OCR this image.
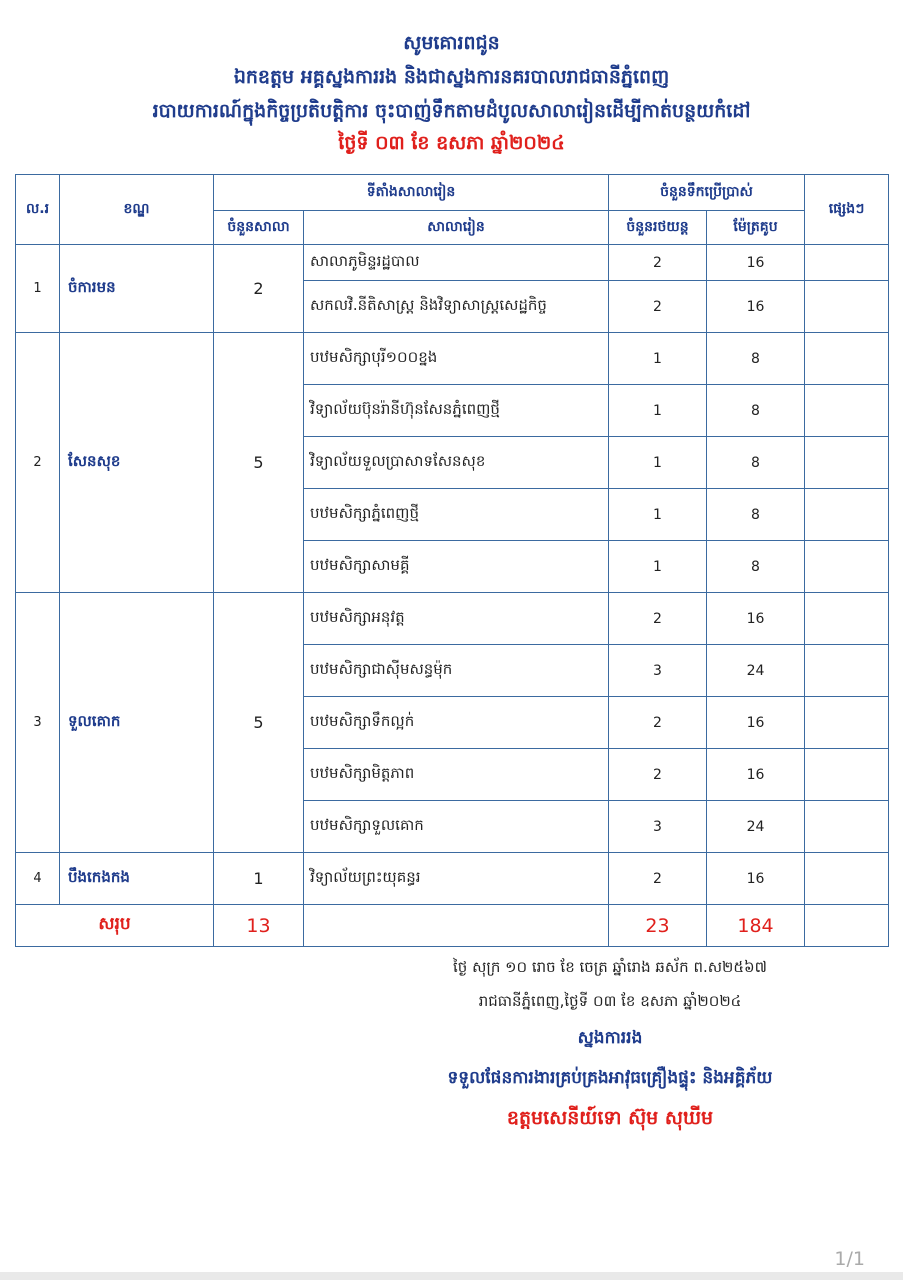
សូមគោរពជូន
ឯកឧត្តម អគ្គស្នងការរង និងជាស្នងការនគរបាលរាជធានីភ្នំពេញ
របាយការណ៍ក្នុងកិច្ចប្រតិបត្តិការ ចុះបាញ់ទឹកតាមដំបូលសាលារៀនដើម្បីកាត់បន្ថយកំដៅ
ថ្ងៃទី ០៣ ខែ ឧសភា ឆ្នាំ២០២៤
ល.រ	ខណ្ឌ	ទីតាំងសាលារៀន		ចំនួនទឹកប្រើប្រាស់		ផ្សេងៗ
		ចំនួនសាលា	សាលារៀន	ចំនួនរថយន្ត	ម៉ែត្រគូប	
1	ចំការមន	2	សាលាភូមិន្ទរដ្ឋបាល	2	16	
			សកលវិ.នីតិសាស្ត្រ និងវិទ្យាសាស្ត្រសេដ្ឋកិច្ច	2	16	
2	សែនសុខ	5	បឋមសិក្សាបុរី១០០ខ្នង	1	8	
			វិទ្យាល័យប៊ុនរ៉ានីហ៊ុនសែនភ្នំពេញថ្មី	1	8	
			វិទ្យាល័យទួលប្រាសាទសែនសុខ	1	8	
			បឋមសិក្សាភ្នំពេញថ្មី	1	8	
			បឋមសិក្សាសាមគ្គី	1	8	
3	ទួលគោក	5	បឋមសិក្សាអនុវត្ត	2	16	
			បឋមសិក្សាជាស៊ីមសន្ធម៉ុក	3	24	
			បឋមសិក្សាទឹកល្អក់	2	16	
			បឋមសិក្សាមិត្តភាព	2	16	
			បឋមសិក្សាទួលគោក	3	24	
4	បឹងកេងកង	1	វិទ្យាល័យព្រះយុគន្ធរ	2	16	
សរុប		13		23	184	
ថ្ងៃ សុក្រ ១០ រោច ខែ ចេត្រ ឆ្នាំរោង ឆស័ក ព.ស២៥៦៧
រាជធានីភ្នំពេញ,ថ្ងៃទី ០៣ ខែ ឧសភា ឆ្នាំ២០២៤
ស្នងការរង
ទទួលផែនការងារគ្រប់គ្រងអាវុធគ្រឿងផ្ទុះ និងអគ្គិភ័យ
ឧត្តមសេនីយ៍ទោ ស៊ុម សុឃីម
1/1
